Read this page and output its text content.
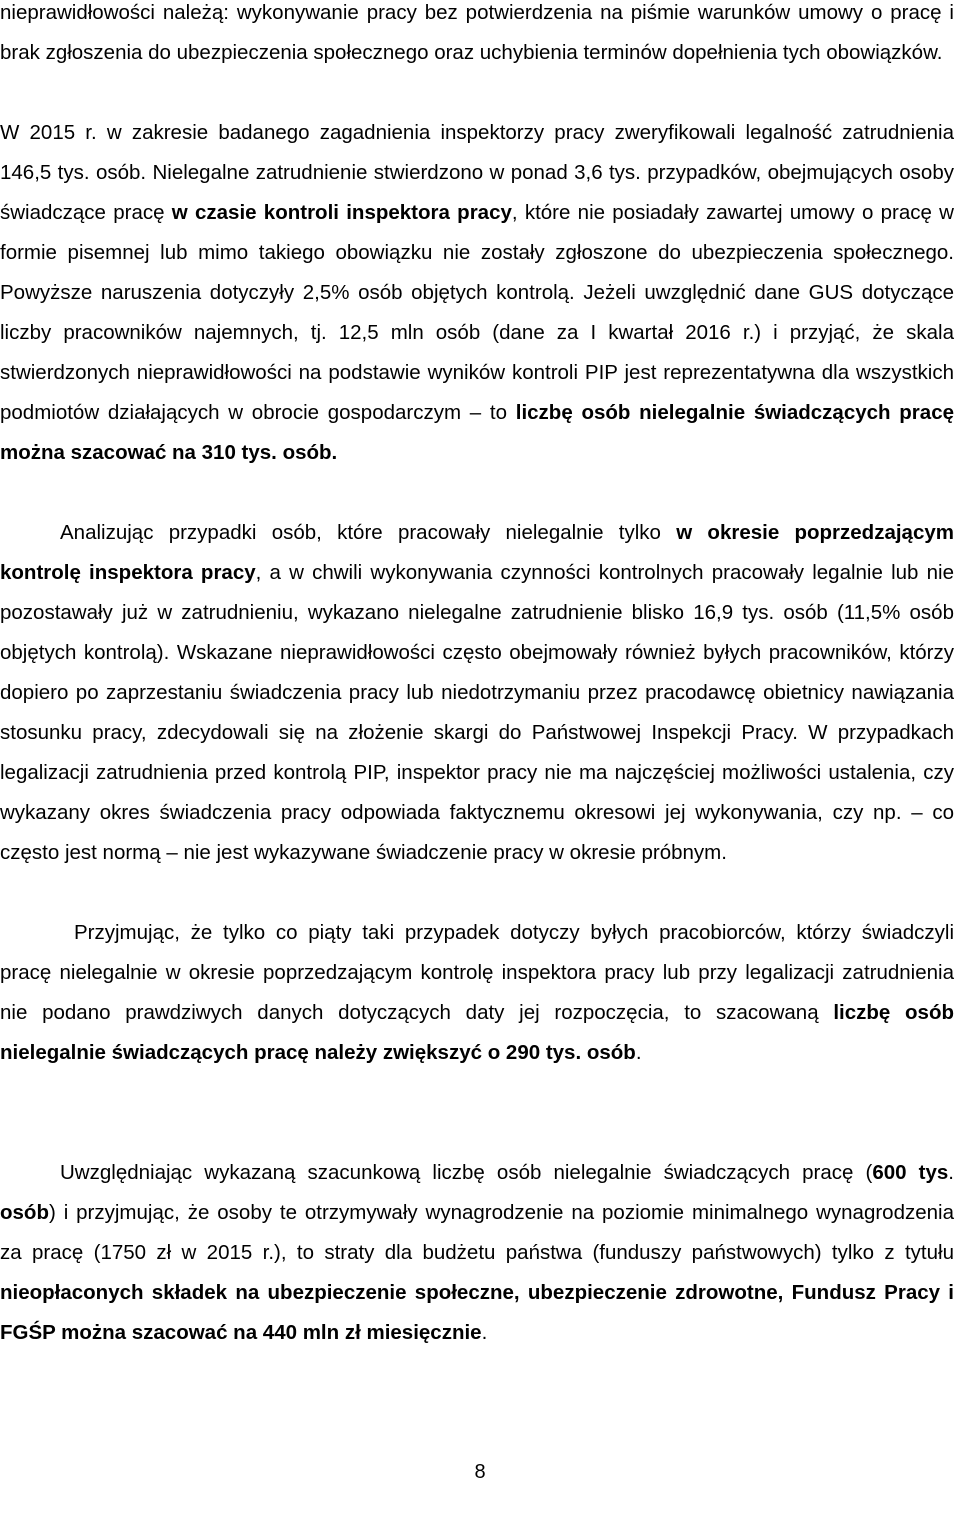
nieprawidłowości należą: wykonywanie pracy bez potwierdzenia na piśmie warunków umowy o pracę i brak zgłoszenia do ubezpieczenia społecznego oraz uchybienia terminów dopełnienia tych obowiązków.

W 2015 r. w zakresie badanego zagadnienia inspektorzy pracy zweryfikowali legalność zatrudnienia 146,5 tys. osób. Nielegalne zatrudnienie stwierdzono w ponad 3,6 tys. przypadków, obejmujących osoby świadczące pracę w czasie kontroli inspektora pracy, które nie posiadały zawartej umowy o pracę w formie pisemnej lub mimo takiego obowiązku nie zostały zgłoszone do ubezpieczenia społecznego. Powyższe naruszenia dotyczyły 2,5% osób objętych kontrolą. Jeżeli uwzględnić dane GUS dotyczące liczby pracowników najemnych, tj. 12,5 mln osób (dane za I kwartał 2016 r.) i przyjąć, że skala stwierdzonych nieprawidłowości na podstawie wyników kontroli PIP jest reprezentatywna dla wszystkich podmiotów działających w obrocie gospodarczym – to liczbę osób nielegalnie świadczących pracę można szacować na 310 tys. osób.

Analizując przypadki osób, które pracowały nielegalnie tylko w okresie poprzedzającym kontrolę inspektora pracy, a w chwili wykonywania czynności kontrolnych pracowały legalnie lub nie pozostawały już w zatrudnieniu, wykazano nielegalne zatrudnienie blisko 16,9 tys. osób (11,5% osób objętych kontrolą). Wskazane nieprawidłowości często obejmowały również byłych pracowników, którzy dopiero po zaprzestaniu świadczenia pracy lub niedotrzymaniu przez pracodawcę obietnicy nawiązania stosunku pracy, zdecydowali się na złożenie skargi do Państwowej Inspekcji Pracy. W przypadkach legalizacji zatrudnienia przed kontrolą PIP, inspektor pracy nie ma najczęściej możliwości ustalenia, czy wykazany okres świadczenia pracy odpowiada faktycznemu okresowi jej wykonywania, czy np. – co często jest normą – nie jest wykazywane świadczenie pracy w okresie próbnym.

Przyjmując, że tylko co piąty taki przypadek dotyczy byłych pracobiorców, którzy świadczyli pracę nielegalnie w okresie poprzedzającym kontrolę inspektora pracy lub przy legalizacji zatrudnienia nie podano prawdziwych danych dotyczących daty jej rozpoczęcia, to szacowaną liczbę osób nielegalnie świadczących pracę należy zwiększyć o 290 tys. osób.

Uwzględniając wykazaną szacunkową liczbę osób nielegalnie świadczących pracę (600 tys. osób) i przyjmując, że osoby te otrzymywały wynagrodzenie na poziomie minimalnego wynagrodzenia za pracę (1750 zł w 2015 r.), to straty dla budżetu państwa (funduszy państwowych) tylko z tytułu nieopłaconych składek na ubezpieczenie społeczne, ubezpieczenie zdrowotne, Fundusz Pracy i FGŚP można szacować na 440 mln zł miesięcznie.

8
